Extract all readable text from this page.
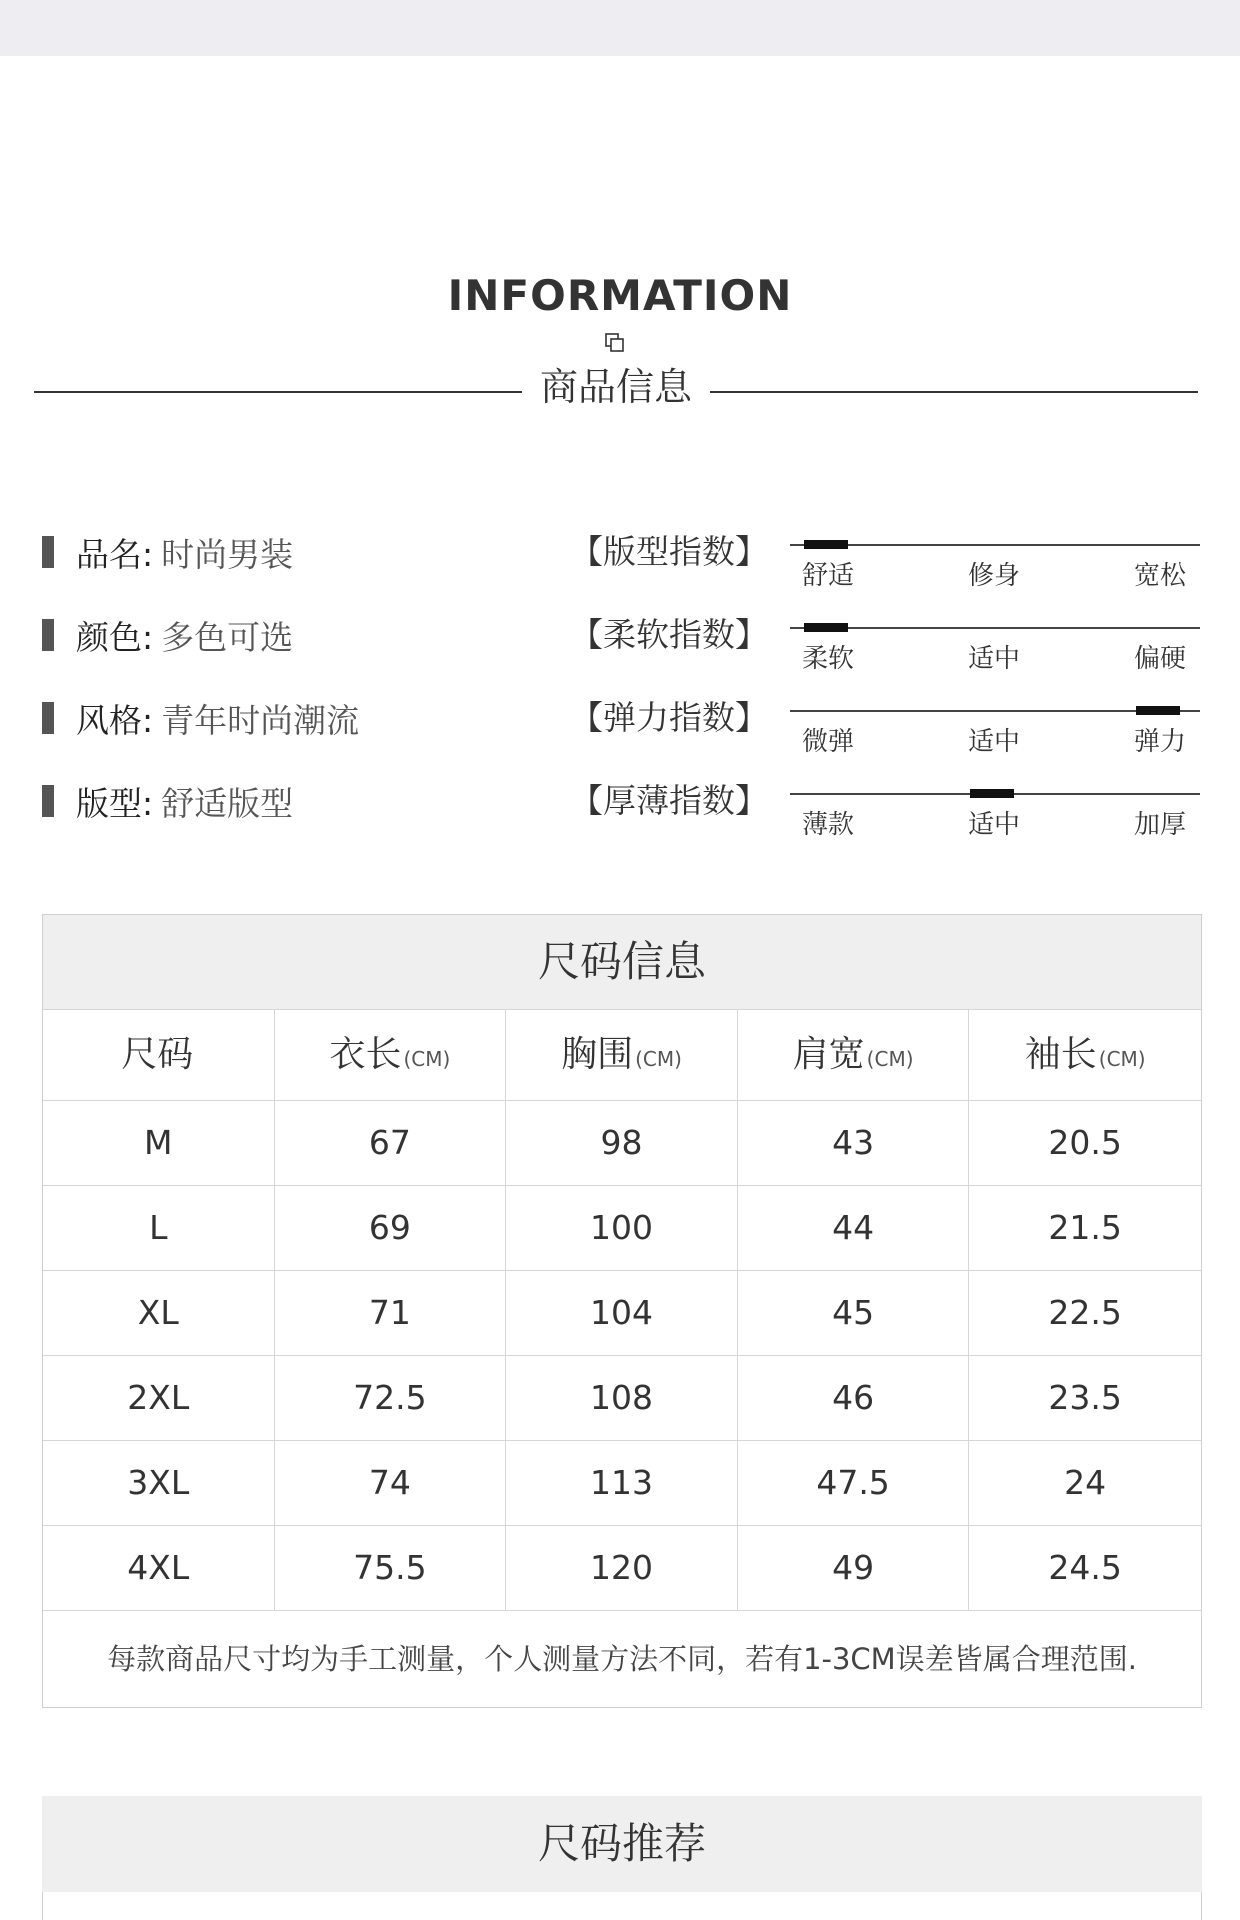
INFORMATION
商品信息
品名: 时尚男装
颜色: 多色可选
风格: 青年时尚潮流
版型: 舒适版型
【版型指数】
舒适	修身	宽松
【柔软指数】
柔软	适中	偏硬
【弹力指数】
微弹	适中	弹力
【厚薄指数】
薄款	适中	加厚
尺码信息
尺码	衣长 (CM)	胸围 (CM)	肩宽 (CM)	袖长 (CM)
M	67	98	43	20.5
L	69	100	44	21.5
XL	71	104	45	22.5
2XL	72.5	108	46	23.5
3XL	74	113	47.5	24
4XL	75.5	120	49	24.5
每款商品尺寸均为手工测量，个人测量方法不同，若有1-3CM误差皆属合理范围.
尺码推荐
